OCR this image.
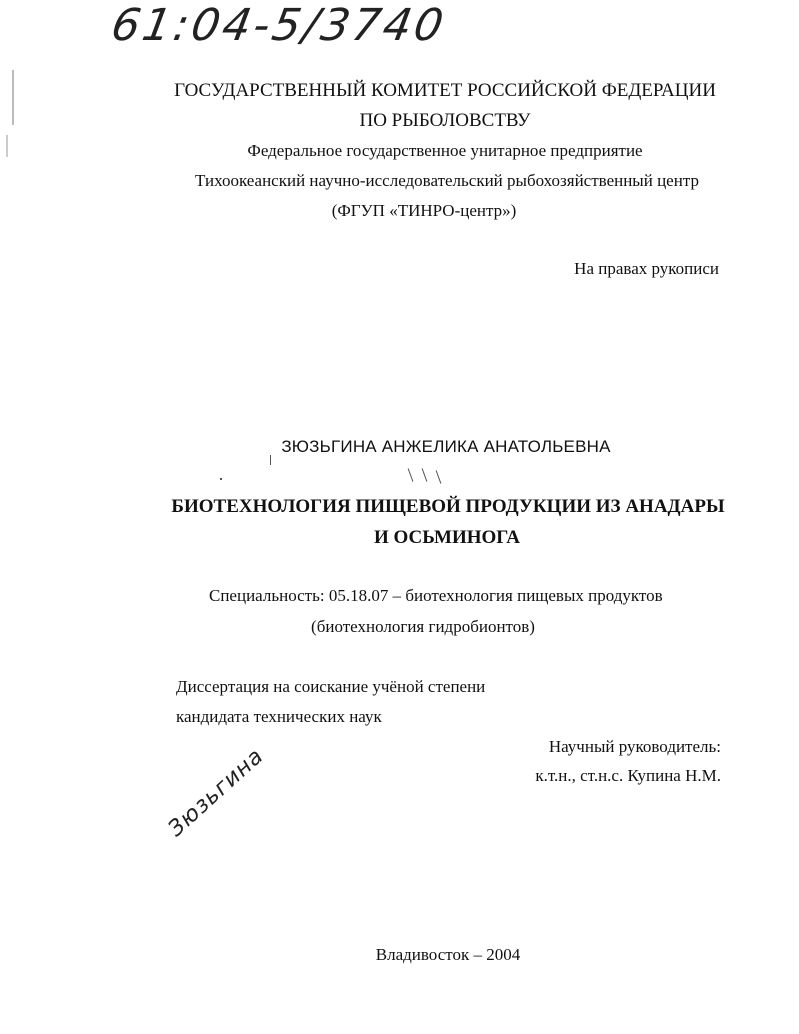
61:04-5/3740
ГОСУДАРСТВЕННЫЙ КОМИТЕТ РОССИЙСКОЙ ФЕДЕРАЦИИ
ПО РЫБОЛОВСТВУ
Федеральное государственное унитарное предприятие
Тихоокеанский научно-исследовательский рыбохозяйственный центр
(ФГУП «ТИНРО-центр»)
На правах рукописи
ЗЮЗЬГИНА АНЖЕЛИКА АНАТОЛЬЕВНА
БИОТЕХНОЛОГИЯ ПИЩЕВОЙ ПРОДУКЦИИ ИЗ АНАДАРЫ
И ОСЬМИНОГА
Специальность: 05.18.07 – биотехнология пищевых продуктов
(биотехнология гидробионтов)
Диссертация на соискание учёной степени
кандидата технических наук
Научный руководитель:
к.т.н., ст.н.с. Купина Н.М.
Зюзьгина
Владивосток – 2004
